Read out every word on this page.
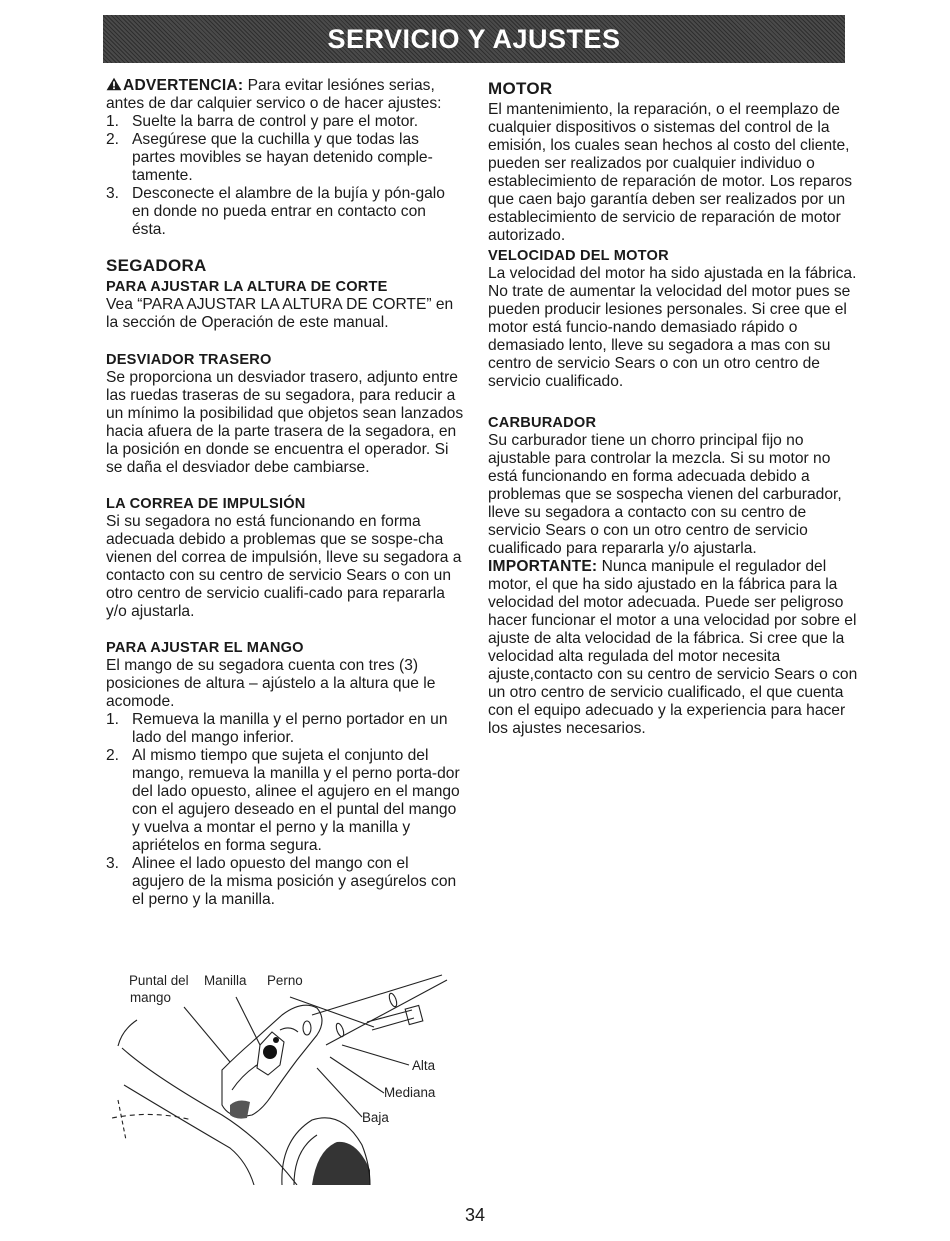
SERVICIO Y AJUSTES

ADVERTENCIA: Para evitar lesiónes serias, antes de dar calquier servico o de hacer ajustes:

1. Suelte la barra de control y pare el motor.
2. Asegúrese que la cuchilla y que todas las partes movibles se hayan detenido comple-tamente.
3. Desconecte el alambre de la bujía y pón-galo en donde no pueda entrar en contacto con ésta.
SEGADORA
PARA AJUSTAR LA ALTURA DE CORTE

Vea “PARA AJUSTAR LA ALTURA DE CORTE” en la sección de Operación de este manual.

DESVIADOR TRASERO

Se proporciona un desviador trasero, adjunto entre las ruedas traseras de su segadora, para reducir a un mínimo la posibilidad que objetos sean lanzados hacia afuera de la parte trasera de la segadora, en la posición en donde se encuentra el operador. Si se daña el desviador debe cambiarse.

LA CORREA DE IMPULSIÓN

Si su segadora no está funcionando en forma adecuada debido a problemas que se sospe-cha vienen del correa de impulsión, lleve su segadora a contacto con su centro de servicio Sears o con un otro centro de servicio cualifi-cado para repararla y/o ajustarla.

PARA AJUSTAR EL MANGO

El mango de su segadora cuenta con tres (3) posiciones de altura – ajústelo a la altura que le acomode.

1. Remueva la manilla y el perno portador en un lado del mango inferior.
2. Al mismo tiempo que sujeta el conjunto del mango, remueva la manilla y el perno porta-dor del lado opuesto, alinee el agujero en el mango con el agujero deseado en el puntal del mango y vuelva a montar el perno y la manilla y apriételos en forma segura.
3. Alinee el lado opuesto del mango con el agujero de la misma posición y asegúrelos con el perno y la manilla.
Puntal del
mango
Manilla Perno
Alta
Mediana
Baja
MOTOR

El mantenimiento, la reparación, o el reemplazo de cualquier dispositivos o sistemas del control de la emisión, los cuales sean hechos al costo del cliente, pueden ser realizados por cualquier individuo o establecimiento de reparación de motor. Los reparos que caen bajo garantía deben ser realizados por un establecimiento de servicio de reparación de motor autorizado.

VELOCIDAD DEL MOTOR

La velocidad del motor ha sido ajustada en la fábrica. No trate de aumentar la velocidad del motor pues se pueden producir lesiones personales. Si cree que el motor está funcio-nando demasiado rápido o demasiado lento, lleve su segadora a mas con su centro de servicio Sears o con un otro centro de servicio cualificado.

CARBURADOR

Su carburador tiene un chorro principal fijo no ajustable para controlar la mezcla. Si su motor no está funcionando en forma adecuada debido a problemas que se sospecha vienen del carburador, lleve su segadora a contacto con su centro de servicio Sears o con un otro centro de servicio cualificado para repararla y/o ajustarla.

IMPORTANTE: Nunca manipule el regulador del motor, el que ha sido ajustado en la fábrica para la velocidad del motor adecuada. Puede ser peligroso hacer funcionar el motor a una velocidad por sobre el ajuste de alta velocidad de la fábrica. Si cree que la velocidad alta regulada del motor necesita ajuste,contacto con su centro de servicio Sears o con un otro centro de servicio cualificado, el que cuenta con el equipo adecuado y la experiencia para hacer los ajustes necesarios.

34
